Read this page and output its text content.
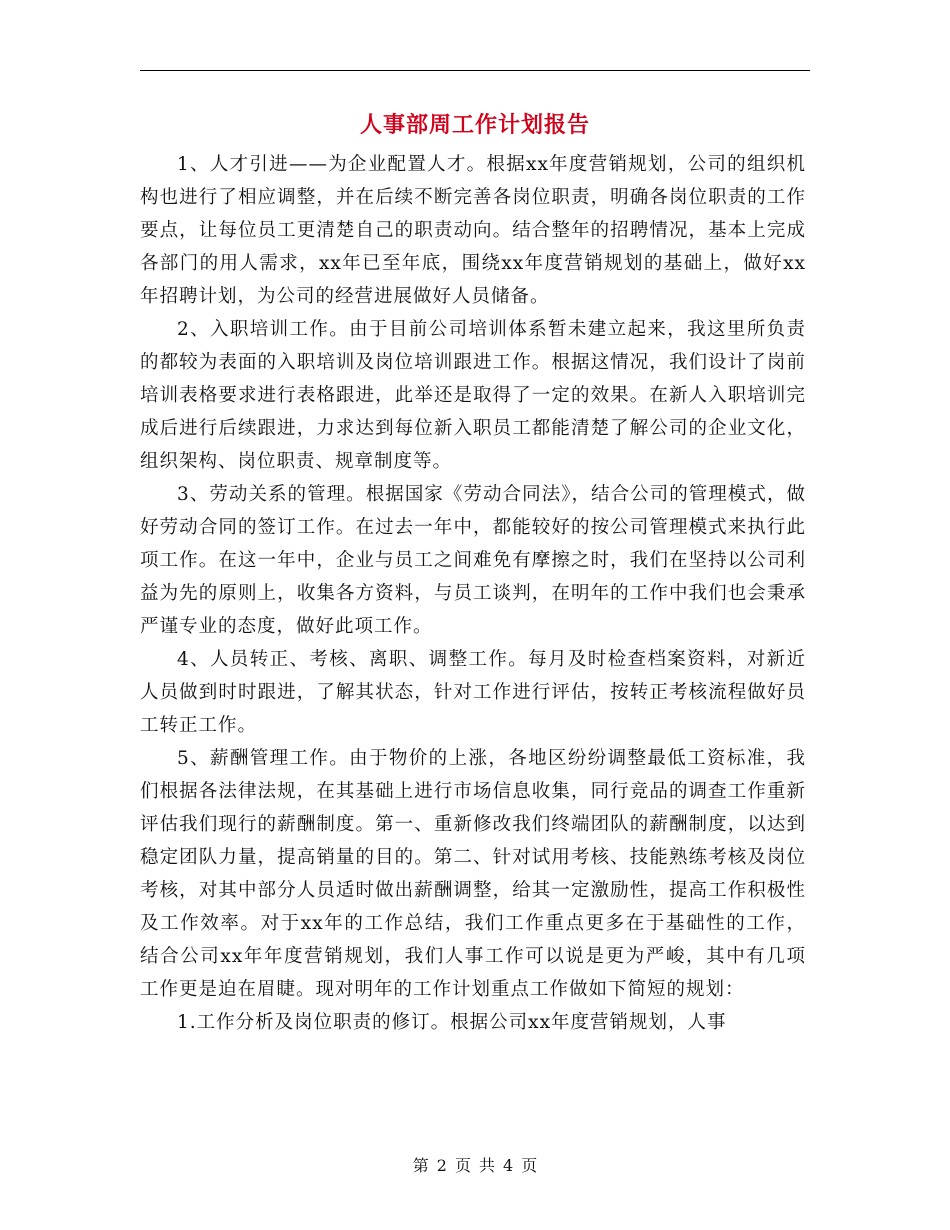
人事部周工作计划报告

1、人才引进——为企业配置人才。根据xx年度营销规划，公司的组织机构也进行了相应调整，并在后续不断完善各岗位职责，明确各岗位职责的工作要点，让每位员工更清楚自己的职责动向。结合整年的招聘情况，基本上完成各部门的用人需求，xx年已至年底，围绕xx年度营销规划的基础上，做好xx年招聘计划，为公司的经营进展做好人员储备。

2、入职培训工作。由于目前公司培训体系暂未建立起来，我这里所负责的都较为表面的入职培训及岗位培训跟进工作。根据这情况，我们设计了岗前培训表格要求进行表格跟进，此举还是取得了一定的效果。在新人入职培训完成后进行后续跟进，力求达到每位新入职员工都能清楚了解公司的企业文化，组织架构、岗位职责、规章制度等。

3、劳动关系的管理。根据国家《劳动合同法》，结合公司的管理模式，做好劳动合同的签订工作。在过去一年中，都能较好的按公司管理模式来执行此项工作。在这一年中，企业与员工之间难免有摩擦之时，我们在坚持以公司利益为先的原则上，收集各方资料，与员工谈判，在明年的工作中我们也会秉承严谨专业的态度，做好此项工作。

4、人员转正、考核、离职、调整工作。每月及时检查档案资料，对新近人员做到时时跟进，了解其状态，针对工作进行评估，按转正考核流程做好员工转正工作。

5、薪酬管理工作。由于物价的上涨，各地区纷纷调整最低工资标准，我们根据各法律法规，在其基础上进行市场信息收集，同行竞品的调查工作重新评估我们现行的薪酬制度。第一、重新修改我们终端团队的薪酬制度，以达到稳定团队力量，提高销量的目的。第二、针对试用考核、技能熟练考核及岗位考核，对其中部分人员适时做出薪酬调整，给其一定激励性，提高工作积极性及工作效率。对于xx年的工作总结，我们工作重点更多在于基础性的工作，结合公司xx年年度营销规划，我们人事工作可以说是更为严峻，其中有几项工作更是迫在眉睫。现对明年的工作计划重点工作做如下简短的规划：

1.工作分析及岗位职责的修订。根据公司xx年度营销规划，人事

第 2 页 共 4 页
